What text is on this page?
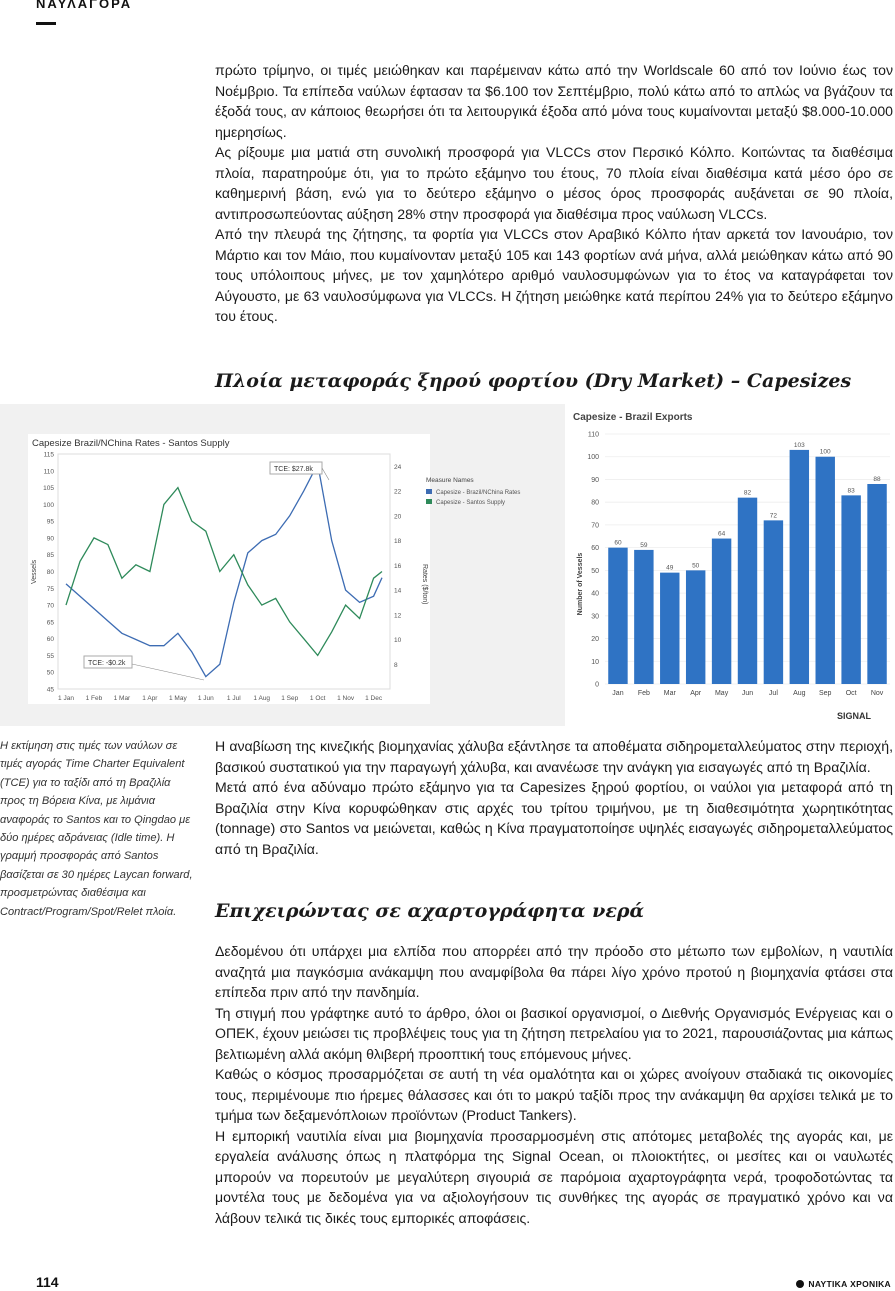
ΝΑΥΛΑΓΟΡΑ

πρώτο τρίμηνο, οι τιμές μειώθηκαν και παρέμειναν κάτω από την Worldscale 60 από τον Ιούνιο έως τον Νοέμβριο. Τα επίπεδα ναύλων έφτασαν τα $6.100 τον Σεπτέμβριο, πολύ κάτω από το απλώς να βγάζουν τα έξοδά τους, αν κάποιος θεωρήσει ότι τα λειτουργικά έξοδα από μόνα τους κυμαίνονται μεταξύ $8.000-10.000 ημερησίως.

Ας ρίξουμε μια ματιά στη συνολική προσφορά για VLCCs στον Περσικό Κόλπο. Κοιτώντας τα διαθέσιμα πλοία, παρατηρούμε ότι, για το πρώτο εξάμηνο του έτους, 70 πλοία είναι διαθέσιμα κατά μέσο όρο σε καθημερινή βάση, ενώ για το δεύτερο εξάμηνο ο μέσος όρος προσφοράς αυξάνεται σε 90 πλοία, αντιπροσωπεύοντας αύξηση 28% στην προσφορά για διαθέσιμα προς ναύλωση VLCCs.

Από την πλευρά της ζήτησης, τα φορτία για VLCCs στον Αραβικό Κόλπο ήταν αρκετά τον Ιανουάριο, τον Μάρτιο και τον Μάιο, που κυμαίνονταν μεταξύ 105 και 143 φορτίων ανά μήνα, αλλά μειώθηκαν κάτω από 90 τους υπόλοιπους μήνες, με τον χαμηλότερο αριθμό ναυλοσυμφώνων για το έτος να καταγράφεται τον Αύγουστο, με 63 ναυλοσύμφωνα για VLCCs. Η ζήτηση μειώθηκε κατά περίπου 24% για το δεύτερο εξάμηνο του έτους.

Πλοία μεταφοράς ξηρού φορτίου (Dry Market) – Capesizes
Capesize Brazil/NChina Rates - Santos Supply
45
50
55
60
65
70
75
80
85
90
95
100
105
110
115
8
10
12
14
16
18
20
22
24
1 Jan 1 Feb 1 Mar 1 Apr 1 May 1 Jun 1 Jul 1 Aug 1 Sep 1 Oct 1 Nov 1 Dec
Vessels	Rates ($/ton)
Measure Names
Capesize - Brazil/NChina Rates
Capesize - Santos Supply
TCE: $27.8k
TCE: -$0.2k
Capesize - Brazil Exports
0
10
20
30
40
50
60
70
80
90
100
110
60	59
49	50
64
82
72
103
100
83
88
Jan Feb Mar Apr May Jun Jul Aug Sep Oct Nov
Number of Vessels
SIGNAL

Η εκτίμηση στις τιμές των ναύλων σε τιμές αγοράς Time Charter Equivalent (TCE) για το ταξίδι από τη Βραζιλία προς τη Βόρεια Κίνα, με λιμάνια αναφοράς το Santos και το Qingdao με δύο ημέρες αδράνειας (Idle time). Η γραμμή προσφοράς από Santos βασίζεται σε 30 ημέρες Laycan forward, προσμετρώντας διαθέσιμα και Contract/Program/Spot/Relet πλοία.

Η αναβίωση της κινεζικής βιομηχανίας χάλυβα εξάντλησε τα αποθέματα σιδηρομεταλλεύματος στην περιοχή, βασικού συστατικού για την παραγωγή χάλυβα, και ανανέωσε την ανάγκη για εισαγωγές από τη Βραζιλία.

Μετά από ένα αδύναμο πρώτο εξάμηνο για τα Capesizes ξηρού φορτίου, οι ναύλοι για μεταφορά από τη Βραζιλία στην Κίνα κορυφώθηκαν στις αρχές του τρίτου τριμήνου, με τη διαθεσιμότητα χωρητικότητας (tonnage) στο Santos να μειώνεται, καθώς η Κίνα πραγματοποίησε υψηλές εισαγωγές σιδηρομεταλλεύματος από τη Βραζιλία.

Επιχειρώντας σε αχαρτογράφητα νερά

Δεδομένου ότι υπάρχει μια ελπίδα που απορρέει από την πρόοδο στο μέτωπο των εμβολίων, η ναυτιλία αναζητά μια παγκόσμια ανάκαμψη που αναμφίβολα θα πάρει λίγο χρόνο προτού η βιομηχανία φτάσει στα επίπεδα πριν από την πανδημία.

Τη στιγμή που γράφτηκε αυτό το άρθρο, όλοι οι βασικοί οργανισμοί, ο Διεθνής Οργανισμός Ενέργειας και ο ΟΠΕΚ, έχουν μειώσει τις προβλέψεις τους για τη ζήτηση πετρελαίου για το 2021, παρουσιάζοντας μια κάπως βελτιωμένη αλλά ακόμη θλιβερή προοπτική τους επόμενους μήνες.

Καθώς ο κόσμος προσαρμόζεται σε αυτή τη νέα ομαλότητα και οι χώρες ανοίγουν σταδιακά τις οικονομίες τους, περιμένουμε πιο ήρεμες θάλασσες και ότι το μακρύ ταξίδι προς την ανάκαμψη θα αρχίσει τελικά με το τμήμα των δεξαμενόπλοιων προϊόντων (Product Tankers).

Η εμπορική ναυτιλία είναι μια βιομηχανία προσαρμοσμένη στις απότομες μεταβολές της αγοράς και, με εργαλεία ανάλυσης όπως η πλατφόρμα της Signal Ocean, οι πλοιοκτήτες, οι μεσίτες και οι ναυλωτές μπορούν να πορευτούν με μεγαλύτερη σιγουριά σε παρόμοια αχαρτογράφητα νερά, τροφοδοτώντας τα μοντέλα τους με δεδομένα για να αξιολογήσουν τις συνθήκες της αγοράς σε πραγματικό χρόνο και να λάβουν τελικά τις δικές τους εμπορικές αποφάσεις.

114	ΝΑΥΤΙΚΑ ΧΡΟΝΙΚΑ
